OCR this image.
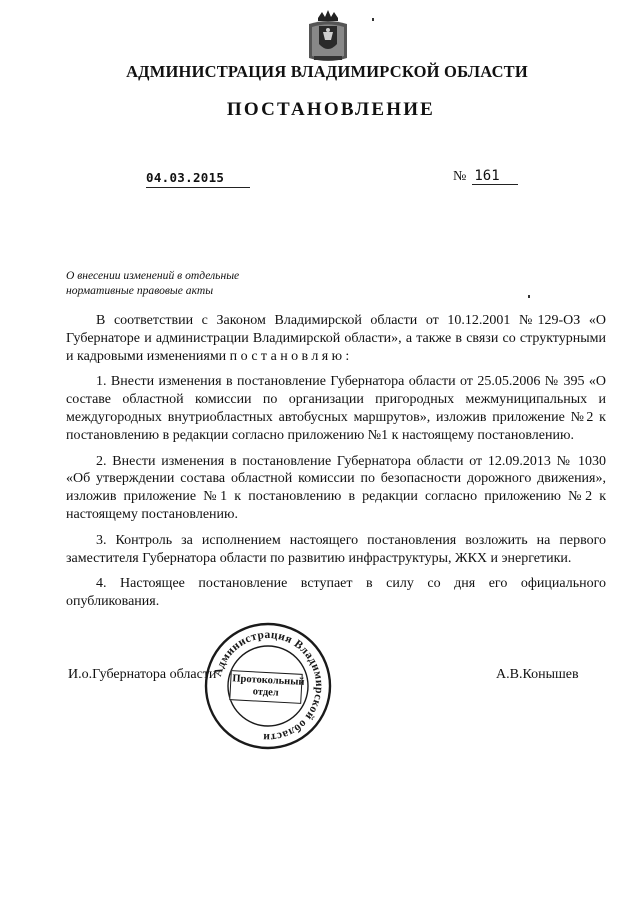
АДМИНИСТРАЦИЯ ВЛАДИМИРСКОЙ ОБЛАСТИ
ПОСТАНОВЛЕНИЕ
04.03.2015	№ 161
О внесении изменений в отдельные
нормативные правовые акты

В соответствии с Законом Владимирской области от 10.12.2001 №129-ОЗ «О Губернаторе и администрации Владимирской области», а также в связи со структурными и кадровыми изменениями постановляю:

1. Внести изменения в постановление Губернатора области от 25.05.2006 № 395 «О составе областной комиссии по организации пригородных межмуниципальных и междугородных внутриобластных автобусных маршрутов», изложив приложение №2 к постановлению в редакции согласно приложению №1 к настоящему постановлению.

2. Внести изменения в постановление Губернатора области от 12.09.2013 № 1030 «Об утверждении состава областной комиссии по безопасности дорожного движения», изложив приложение №1 к постановлению в редакции согласно приложению №2 к настоящему постановлению.

3. Контроль за исполнением настоящего постановления возложить на первого заместителя Губернатора области по развитию инфраструктуры, ЖКХ и энергетики.

4. Настоящее постановление вступает в силу со дня его официального опубликования.

И.о.Губернатора области	А.В.Конышев
Администрация Владимирской области
Протокольный
отдел
